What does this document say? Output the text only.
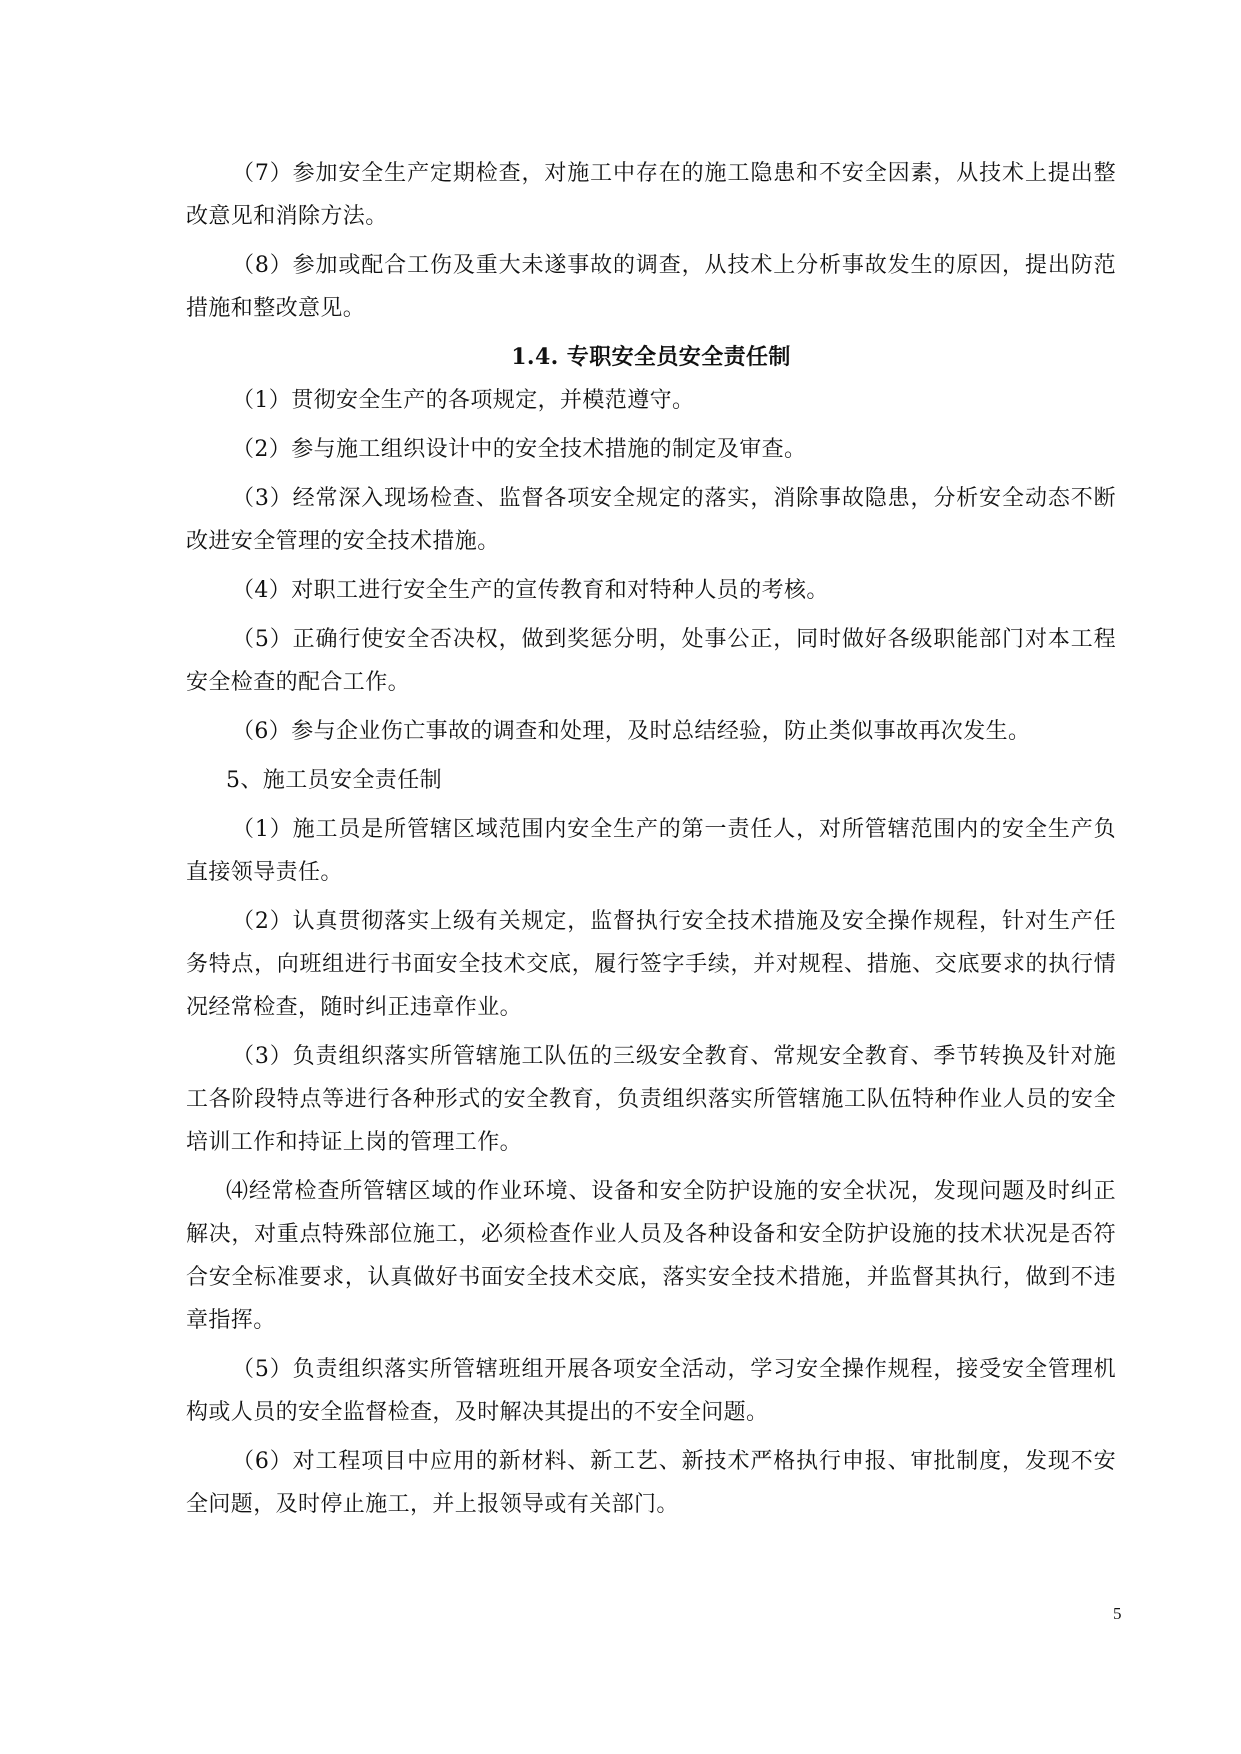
（7）参加安全生产定期检查，对施工中存在的施工隐患和不安全因素，从技术上提出整改意见和消除方法。

（8）参加或配合工伤及重大未遂事故的调查，从技术上分析事故发生的原因，提出防范措施和整改意见。

1.4. 专职安全员安全责任制

（1）贯彻安全生产的各项规定，并模范遵守。

（2）参与施工组织设计中的安全技术措施的制定及审查。

（3）经常深入现场检查、监督各项安全规定的落实，消除事故隐患，分析安全动态不断改进安全管理的安全技术措施。

（4）对职工进行安全生产的宣传教育和对特种人员的考核。

（5）正确行使安全否决权，做到奖惩分明，处事公正，同时做好各级职能部门对本工程安全检查的配合工作。

（6）参与企业伤亡事故的调查和处理，及时总结经验，防止类似事故再次发生。

5、施工员安全责任制

（1）施工员是所管辖区域范围内安全生产的第一责任人，对所管辖范围内的安全生产负直接领导责任。

（2）认真贯彻落实上级有关规定，监督执行安全技术措施及安全操作规程，针对生产任务特点，向班组进行书面安全技术交底，履行签字手续，并对规程、措施、交底要求的执行情况经常检查，随时纠正违章作业。

（3）负责组织落实所管辖施工队伍的三级安全教育、常规安全教育、季节转换及针对施工各阶段特点等进行各种形式的安全教育，负责组织落实所管辖施工队伍特种作业人员的安全培训工作和持证上岗的管理工作。

⑷经常检查所管辖区域的作业环境、设备和安全防护设施的安全状况，发现问题及时纠正解决，对重点特殊部位施工，必须检查作业人员及各种设备和安全防护设施的技术状况是否符合安全标准要求，认真做好书面安全技术交底，落实安全技术措施，并监督其执行，做到不违章指挥。

（5）负责组织落实所管辖班组开展各项安全活动，学习安全操作规程，接受安全管理机构或人员的安全监督检查，及时解决其提出的不安全问题。

（6）对工程项目中应用的新材料、新工艺、新技术严格执行申报、审批制度，发现不安全问题，及时停止施工，并上报领导或有关部门。

5
